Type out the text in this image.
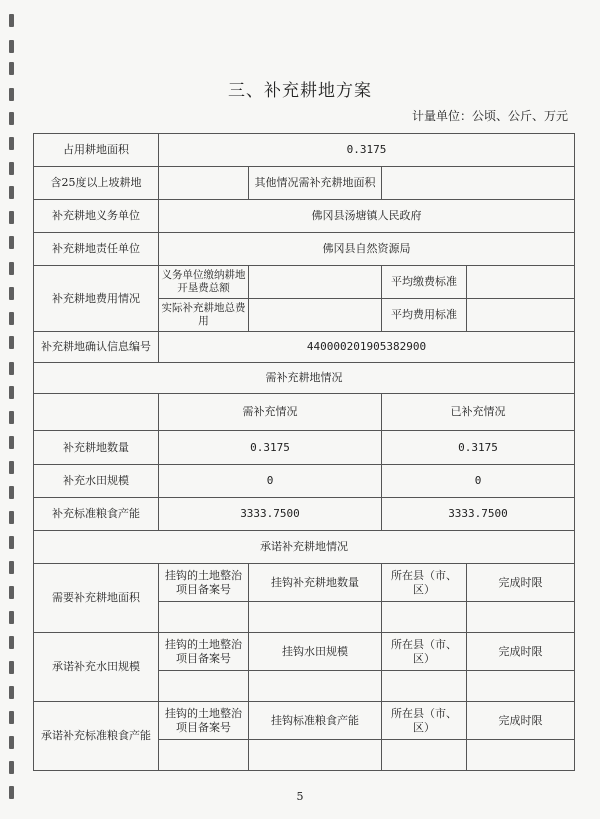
三、补充耕地方案
计量单位：公顷、公斤、万元
占用耕地面积	0.3175			
含25度以上坡耕地		其他情况需补充耕地面积		
补充耕地义务单位	佛冈县汤塘镇人民政府			
补充耕地责任单位	佛冈县自然资源局			
补充耕地费用情况	义务单位缴纳耕地开垦费总额		平均缴费标准	
	实际补充耕地总费用		平均费用标准	
补充耕地确认信息编号	440000201905382900			
需补充耕地情况				
	需补充情况		已补充情况	
补充耕地数量	0.3175		0.3175	
补充水田规模	0		0	
补充标准粮食产能	3333.7500		3333.7500	
承诺补充耕地情况				
需要补充耕地面积	挂钩的土地整治项目备案号	挂钩补充耕地数量	所在县（市、区）	完成时限

承诺补充水田规模	挂钩的土地整治项目备案号	挂钩水田规模	所在县（市、区）	完成时限

承诺补充标准粮食产能	挂钩的土地整治项目备案号	挂钩标准粮食产能	所在县（市、区）	完成时限

5
